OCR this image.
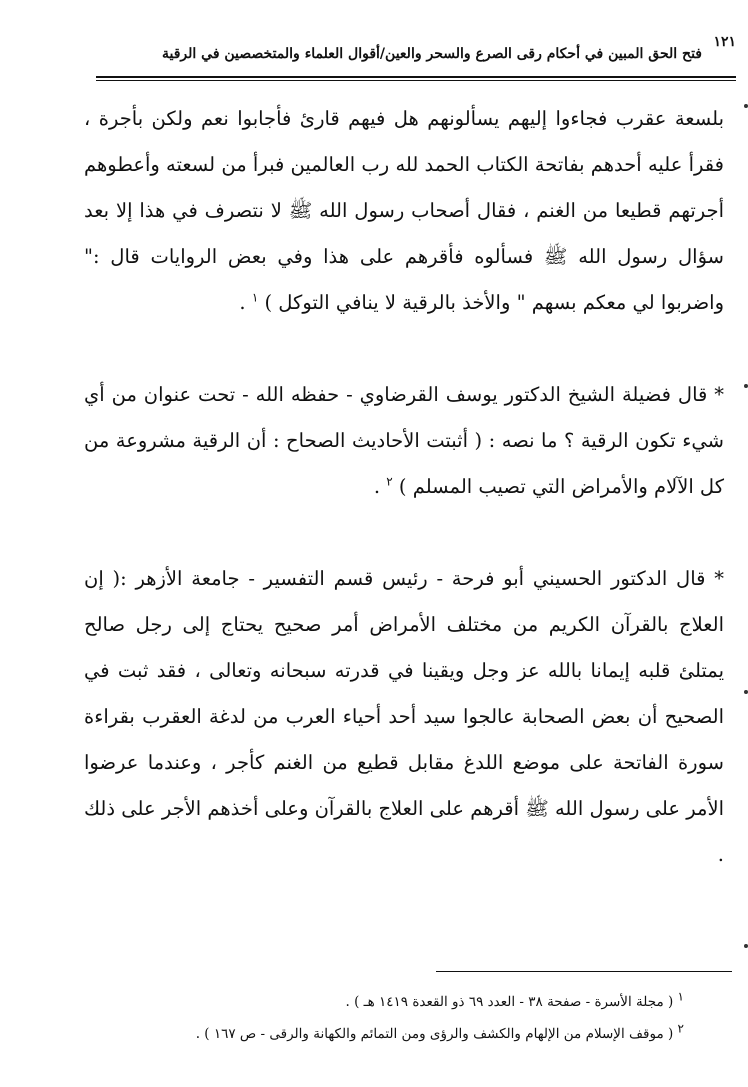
١٢١
فتح الحق المبين في أحكام رقى الصرع والسحر والعين/أقوال العلماء والمتخصصين في الرقية

بلسعة عقرب فجاءوا إليهم يسألونهم هل فيهم قارئ فأجابوا نعم ولكن بأجرة ، فقرأ عليه أحدهم بفاتحة الكتاب الحمد لله رب العالمين فبرأ من لسعته وأعطوهم أجرتهم قطيعا من الغنم ، فقال أصحاب رسول الله ﷺ لا نتصرف في هذا إلا بعد سؤال رسول الله ﷺ فسألوه فأقرهم على هذا وفي بعض الروايات قال :" واضربوا لي معكم بسهم " والأخذ بالرقية لا ينافي التوكل ) $^١$ .

* قال فضيلة الشيخ الدكتور يوسف القرضاوي - حفظه الله - تحت عنوان من أي شيء تكون الرقية ؟ ما نصه : ( أثبتت الأحاديث الصحاح : أن الرقية مشروعة من كل الآلام والأمراض التي تصيب المسلم ) $^٢$ .

* قال الدكتور الحسيني أبو فرحة - رئيس قسم التفسير - جامعة الأزهر :( إن العلاج بالقرآن الكريم من مختلف الأمراض أمر صحيح يحتاج إلى رجل صالح يمتلئ قلبه إيمانا بالله عز وجل ويقينا في قدرته سبحانه وتعالى ، فقد ثبت في الصحيح أن بعض الصحابة عالجوا سيد أحد أحياء العرب من لدغة العقرب بقراءة سورة الفاتحة على موضع اللدغ مقابل قطيع من الغنم كأجر ، وعندما عرضوا الأمر على رسول الله ﷺ أقرهم على العلاج بالقرآن وعلى أخذهم الأجر على ذلك .

$^١$ ( مجلة الأسرة - صفحة ٣٨ - العدد ٦٩ ذو القعدة ١٤١٩ هـ ) .

$^٢$ ( موقف الإسلام من الإلهام والكشف والرؤى ومن التمائم والكهانة والرقى - ص ١٦٧ ) .
